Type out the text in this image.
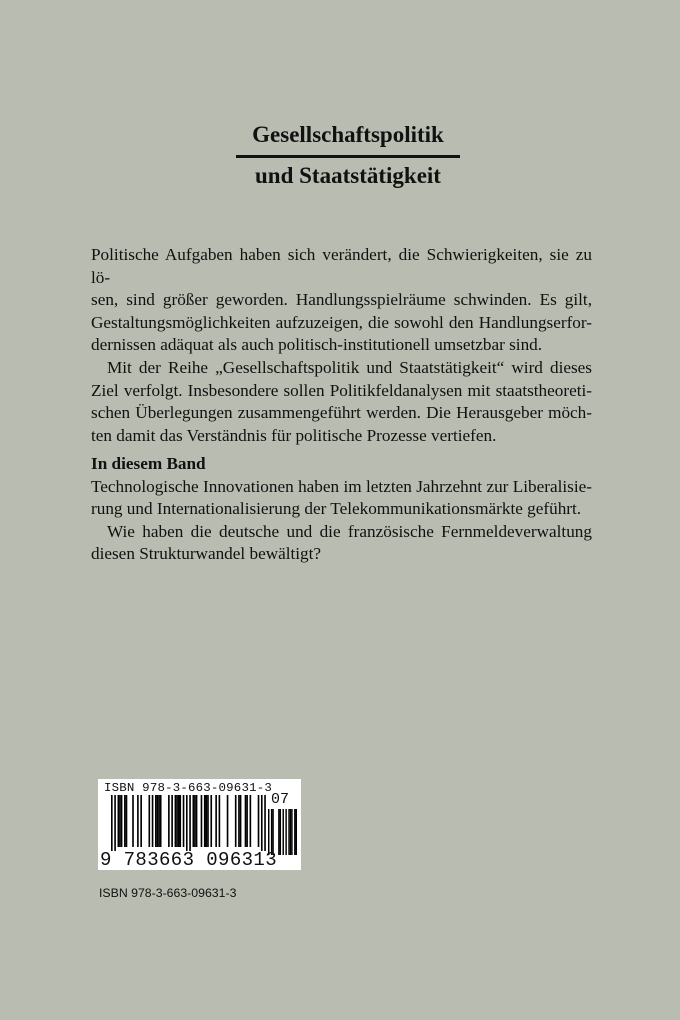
Gesellschaftspolitik
und Staatstätigkeit

Politische Aufgaben haben sich verändert, die Schwierigkeiten, sie zu lö-

sen, sind größer geworden. Handlungsspielräume schwinden. Es gilt,

Gestaltungsmöglichkeiten aufzuzeigen, die sowohl den Handlungserfor-

dernissen adäquat als auch politisch-institutionell umsetzbar sind.

Mit der Reihe „Gesellschaftspolitik und Staatstätigkeit“ wird dieses

Ziel verfolgt. Insbesondere sollen Politikfeldanalysen mit staatstheoreti-

schen Überlegungen zusammengeführt werden. Die Herausgeber möch-

ten damit das Verständnis für politische Prozesse vertiefen.

In diesem Band

Technologische Innovationen haben im letzten Jahrzehnt zur Liberalisie-

rung und Internationalisierung der Telekommunikationsmärkte geführt.

Wie haben die deutsche und die französische Fernmeldeverwaltung

diesen Strukturwandel bewältigt?

ISBN 978-3-663-09631-3
07
9 783663 096313
ISBN 978-3-663-09631-3
